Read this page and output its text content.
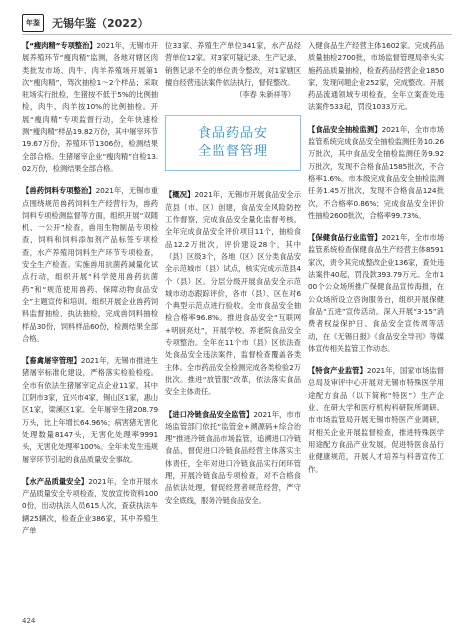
年鉴	无锡年鉴（2022）

【“瘦肉精”专项整治】2021年，无锡市开展养殖环节“瘦肉精”监测，各地对辖区肉类批发市场、肉牛、肉羊养殖场开展第1次“瘦肉精”，驾次抽检1～2个样品；采取驻场实行批检，生猪按不低于5%的比例抽检，肉牛、肉羊按10%的比例抽检。开展“瘦肉精”专项监督行动，全年快速检测“瘦肉精”样品19.82万份，其中屠宰环节19.67万份，养殖环节1306份，检测结果全部合格。生猪屠宰企业“瘦肉精”自检13.02万份，检测结果全部合格。

【兽药饲料专项整治】2021年，无锡市重点围绕规范兽药饲料生产经营行为，兽药饲料专项检测监督等方面，组织开展“双随机、一公开”检查，兽用生物制品专项检查，饲料和饲料添加剂产品标签专项检查，水产养殖用饲料生产环节专项检查，安全生产检查。实施兽用抗菌药减量化试点行动，组织开展“科学使用兽药抗菌药”和“规范使用兽药、保障动物食品安全”主题宣传和培训。组织开展企业兽药饲料监督抽检、执法抽检，完成兽饲料抽检样品30份，饲料样品60份，检测结果全部合格。

【畜禽屠宰管理】2021年，无锡市推进生猪屠宰标准化建设，严格落实检验检疫。全市有依法生猪屠宰定点企业11家，其中江阴市3家，宜兴市4家，锡山区1家，惠山区1家，梁溪区1家。全年屠宰生猪208.79万头，比上年增长64.96%；病害猪无害化处理数量8147头，无害化处理率9991头，无害化处理率100%。全年未发生违规屠宰环节引起的食品质量安全事故。

【水产品质量安全】2021年，全市开展水产品质量安全专项检查，发放宣传资料1000份，出动执法人员615人次，查获执法车辆25辆次，检查企业386家，其中养殖生产单

位33家、养殖生产单位341家，水产品经营单位12家。对3家可疑记录、生产记录、销售记录不全的单位责令整改，对1家辖区擅自经营违法案件依法执行，督促整改。

（李春 朱新祥等）

食品药品安全监督管理

【概况】2021年，无锡市开展食品安全示范县（市、区）创建，食品安全风险防控工作督察，完成食品安全量化监督考核。全年完成食品安全评价项目11个，抽检食品12.2万批次，评价建设28个，其中（县）区级3个，各地（区）区分类食品安全示范城市（县）试点，核实完成示范县4个（县）区。分层分级开展食品安全示范城市动态跟踪评价，各市（县）、区在对6个典型示范点进行验收。全市食品安全抽检合格率96.8%。推进食品安全“互联网+明厨亮灶”，开展学校、养老院食品安全专项整治。全年在11个市（县）区依法查处食品安全违法案件，监督检查覆盖各类主体。全市药品安全检测完成各类检验2万批次。推进“放管服”改革，依法落实食品安全主体责任。

【进口冷链食品安全监管】2021年，市市场监管部门依托“监管金+溯源码+综合治理”推进冷链食品市场监管，追溯进口冷链食品，督促进口冷链食品经营主体落实主体责任，全年对进口冷链食品实行闭环管理，开展冷链食品专项检查，对不合格食品依法处理，督促经营者规范经营，严守安全底线，服务冷链食品安全。

入健食品生产经营主体1602家。完成药品质量抽检2700批，市场监督管理局牵头实施药品质量抽检，检查药品经营企业1850家，发现问题企业252家，完成整改。开展药品流通领域专项检查，全年立案查处违法案件533起，罚没1033万元。

【食品安全抽检监测】2021年，全市市场监管系统完成食品安全抽检监测任务10.26万批次，其中食品安全抽检监测任务9.92万批次，发现不合格食品1585批次，不合格率1.6%。市本级完成食品安全抽检监测任务1.45万批次，发现不合格食品124批次，不合格率0.86%；完成食品安全评价性抽检2600批次，合格率99.73%。

【保健食品行业监管】2021年，全市市场监管系统检查保健食品生产经营主体8591家次，责令其完成整改企业136家，查处违法案件40起，罚没款393.79万元。全市100个公众场所推广保健食品宣传海报，在公众场所设立咨询服务台，组织开展保健食品“五进”宣传活动。深入开展“3·15”消费者权益保护日、食品安全宣传周等活动，在《无锡日报》《食品安全导刊》等媒体宣传相关监管工作动态。

【特食产业监管】2021年，国家市场监督总局及审评中心开展对无锡市特殊医学用途配方食品（以下简称“特医”）生产企业、在研大学和医疗机构科研院所调研。市市场监管局开展无锡市特医产业调研，对相关企业开展监督检查，推进特殊医学用途配方食品产业发展，促进特医食品行业健康规范，开展人才培养与科普宣传工作。

424
